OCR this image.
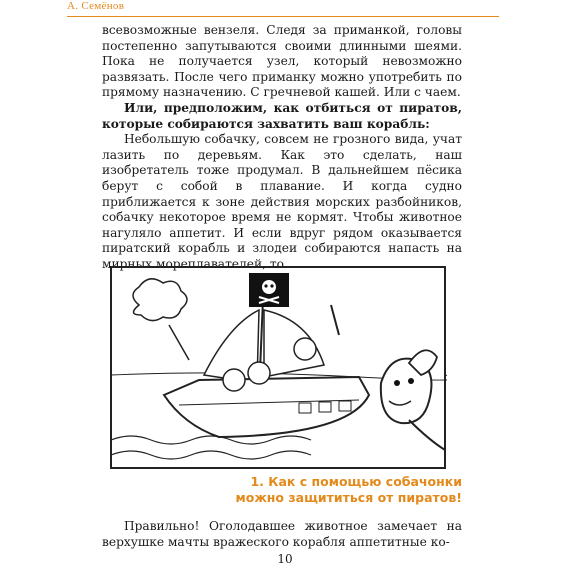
А. Семёнов

всевозможные вензеля. Следя за приманкой, головы постепенно запутываются своими длинными шеями. Пока не получается узел, который невозможно развязать. После чего приманку можно употребить по прямому назначению. С гречневой кашей. Или с чаем.

Или, предположим, как отбиться от пиратов, которые собираются захватить ваш корабль:

Небольшую собачку, совсем не грозного вида, учат лазить по деревьям. Как это сделать, наш изобретатель тоже продумал. В дальнейшем пёсика берут с собой в плавание. И когда судно приближается к зоне действия морских разбойников, собачку некоторое время не кормят. Чтобы животное нагуляло аппетит. И если вдруг рядом оказывается пиратский корабль и злодеи собираются напасть на мирных мореплавателей, то...

1. Как с помощью собачонки
можно защититься от пиратов!

Правильно! Оголодавшее животное замечает на верхушке мачты вражеского корабля аппетитные ко-

10
